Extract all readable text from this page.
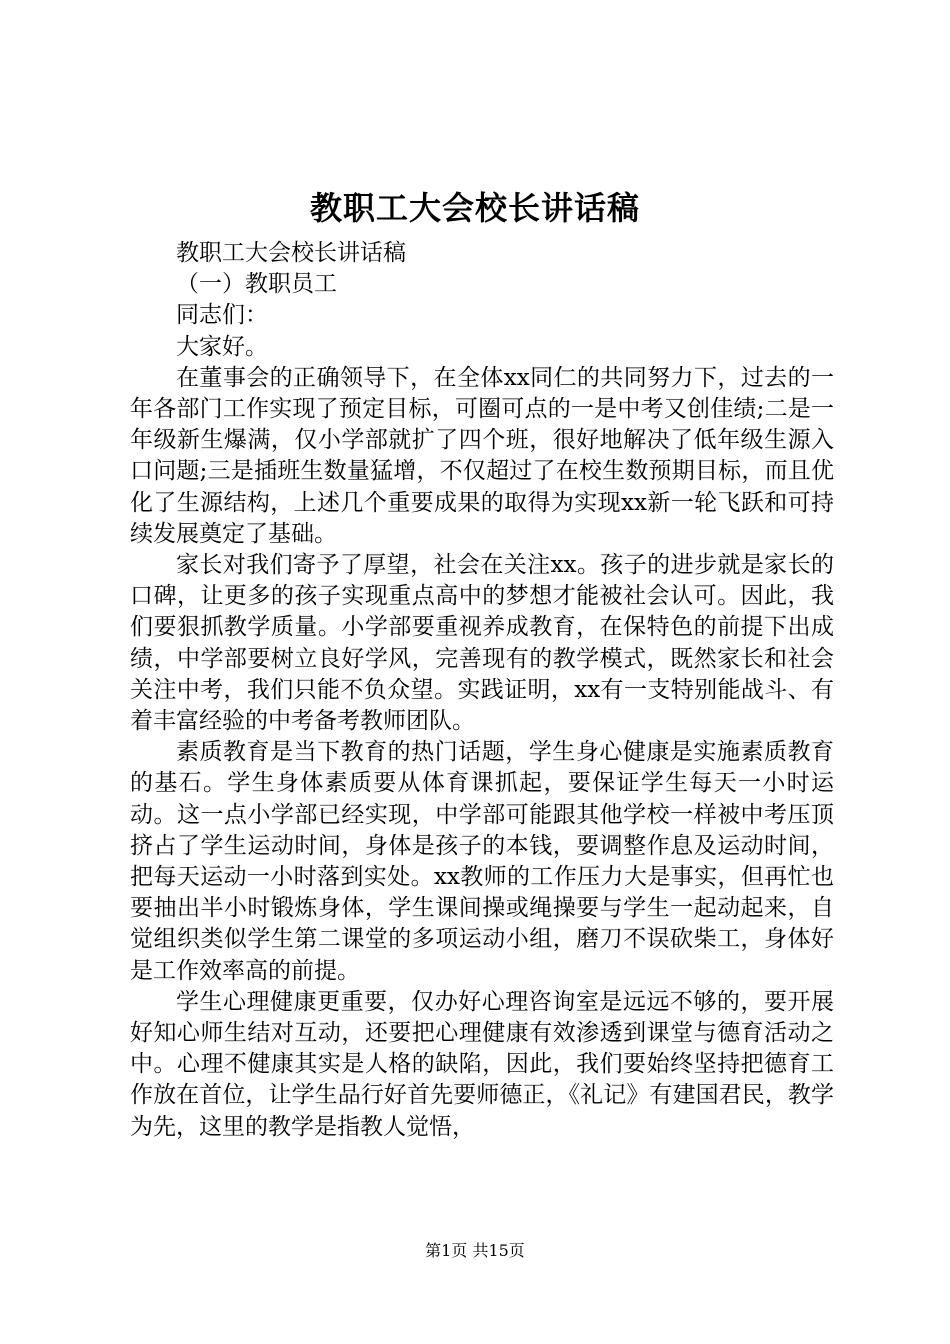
教职工大会校长讲话稿

教职工大会校长讲话稿

（一）教职员工

同志们：

大家好。

在董事会的正确领导下，在全体xx同仁的共同努力下，过去的一年各部门工作实现了预定目标，可圈可点的一是中考又创佳绩;二是一年级新生爆满，仅小学部就扩了四个班，很好地解决了低年级生源入口问题;三是插班生数量猛增，不仅超过了在校生数预期目标，而且优化了生源结构，上述几个重要成果的取得为实现xx新一轮飞跃和可持续发展奠定了基础。

家长对我们寄予了厚望，社会在关注xx。孩子的进步就是家长的口碑，让更多的孩子实现重点高中的梦想才能被社会认可。因此，我们要狠抓教学质量。小学部要重视养成教育，在保特色的前提下出成绩，中学部要树立良好学风，完善现有的教学模式，既然家长和社会关注中考，我们只能不负众望。实践证明，xx有一支特别能战斗、有着丰富经验的中考备考教师团队。

素质教育是当下教育的热门话题，学生身心健康是实施素质教育的基石。学生身体素质要从体育课抓起，要保证学生每天一小时运动。这一点小学部已经实现，中学部可能跟其他学校一样被中考压顶挤占了学生运动时间，身体是孩子的本钱，要调整作息及运动时间，把每天运动一小时落到实处。xx教师的工作压力大是事实，但再忙也要抽出半小时锻炼身体，学生课间操或绳操要与学生一起动起来，自觉组织类似学生第二课堂的多项运动小组，磨刀不误砍柴工，身体好是工作效率高的前提。

学生心理健康更重要，仅办好心理咨询室是远远不够的，要开展好知心师生结对互动，还要把心理健康有效渗透到课堂与德育活动之中。心理不健康其实是人格的缺陷，因此，我们要始终坚持把德育工作放在首位，让学生品行好首先要师德正，《礼记》有建国君民，教学为先，这里的教学是指教人觉悟，

第1页 共15页
